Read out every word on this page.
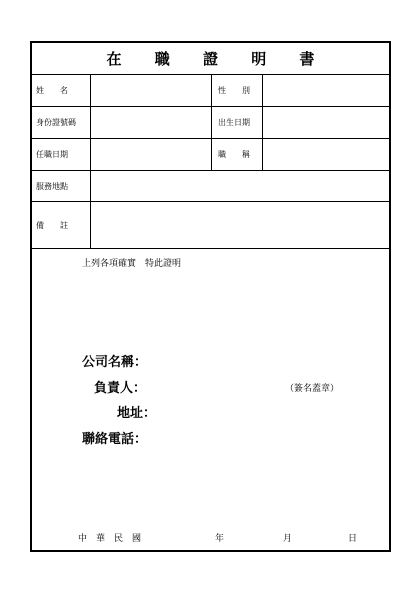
在 職 證 明 書
姓　　名	性　　別
身份證號碼	出生日期
任職日期	職　　稱
服務地點
備　　註
上列各項確實　特此證明
公司名稱：
負責人：	（簽名蓋章）
地址：
聯絡電話：
中　華　民　國	年	月	日
